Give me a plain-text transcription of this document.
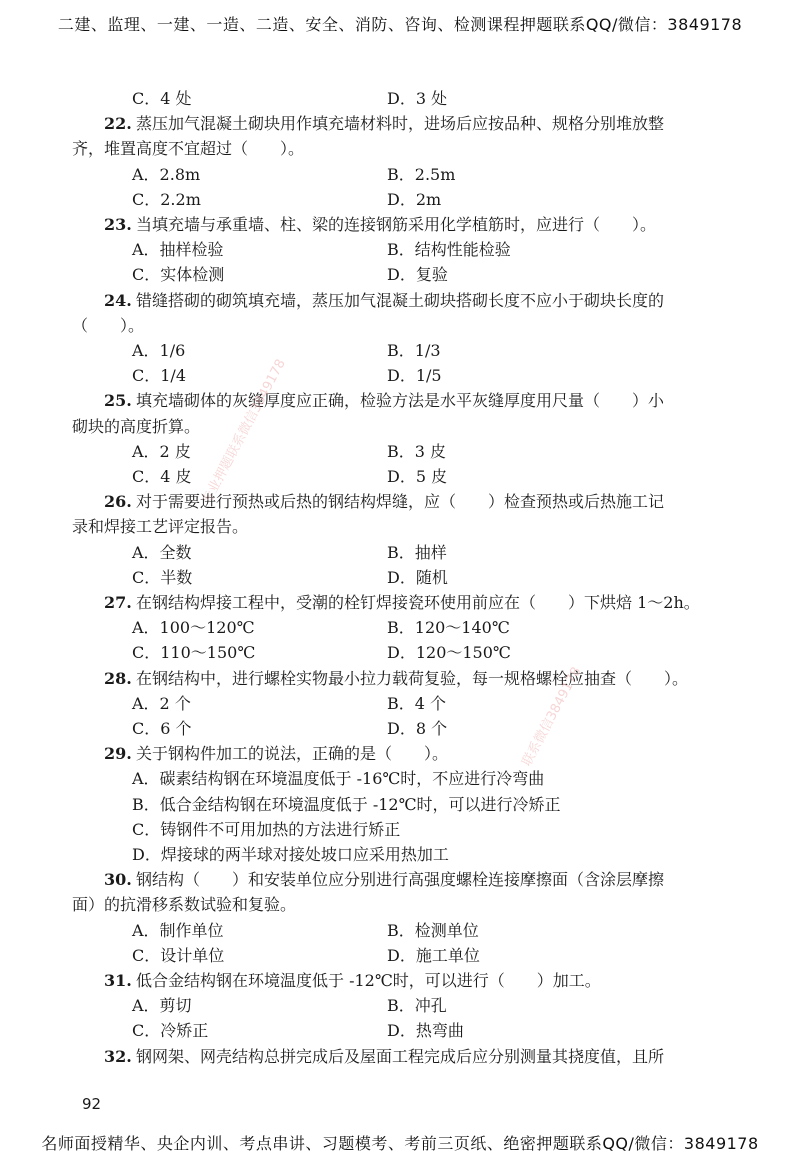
二建、监理、一建、一造、二造、安全、消防、咨询、检测课程押题联系QQ/微信：3849178
C．4 处	D．3 处
22. 蒸压加气混凝土砌块用作填充墙材料时，进场后应按品种、规格分别堆放整
齐，堆置高度不宜超过（　　）。
A．2.8m	B．2.5m
C．2.2m	D．2m
23. 当填充墙与承重墙、柱、梁的连接钢筋采用化学植筋时，应进行（　　）。
A．抽样检验	B．结构性能检验
C．实体检测	D．复验
24. 错缝搭砌的砌筑填充墙，蒸压加气混凝土砌块搭砌长度不应小于砌块长度的
（　　）。
A．1/6	B．1/3
C．1/4	D．1/5
25. 填充墙砌体的灰缝厚度应正确，检验方法是水平灰缝厚度用尺量（　　）小
砌块的高度折算。
A．2 皮	B．3 皮
C．4 皮	D．5 皮
26. 对于需要进行预热或后热的钢结构焊缝，应（　　）检查预热或后热施工记
录和焊接工艺评定报告。
A．全数	B．抽样
C．半数	D．随机
27. 在钢结构焊接工程中，受潮的栓钉焊接瓷环使用前应在（　　）下烘焙 1～2h。
A．100～120℃	B．120～140℃
C．110～150℃	D．120～150℃
28. 在钢结构中，进行螺栓实物最小拉力载荷复验，每一规格螺栓应抽查（　　）。
A．2 个	B．4 个
C．6 个	D．8 个
29. 关于钢构件加工的说法，正确的是（　　）。
A．碳素结构钢在环境温度低于 -16℃时，不应进行冷弯曲
B．低合金结构钢在环境温度低于 -12℃时，可以进行冷矫正
C．铸钢件不可用加热的方法进行矫正
D．焊接球的两半球对接处坡口应采用热加工
30. 钢结构（　　）和安装单位应分别进行高强度螺栓连接摩擦面（含涂层摩擦
面）的抗滑移系数试验和复验。
A．制作单位	B．检测单位
C．设计单位	D．施工单位
31. 低合金结构钢在环境温度低于 -12℃时，可以进行（　　）加工。
A．剪切	B．冲孔
C．冷矫正	D．热弯曲
32. 钢网架、网壳结构总拼完成后及屋面工程完成后应分别测量其挠度值，且所
专业押题联系微信3849178
联系微信3849178
92
名师面授精华、央企内训、考点串讲、习题模考、考前三页纸、绝密押题联系QQ/微信：3849178
